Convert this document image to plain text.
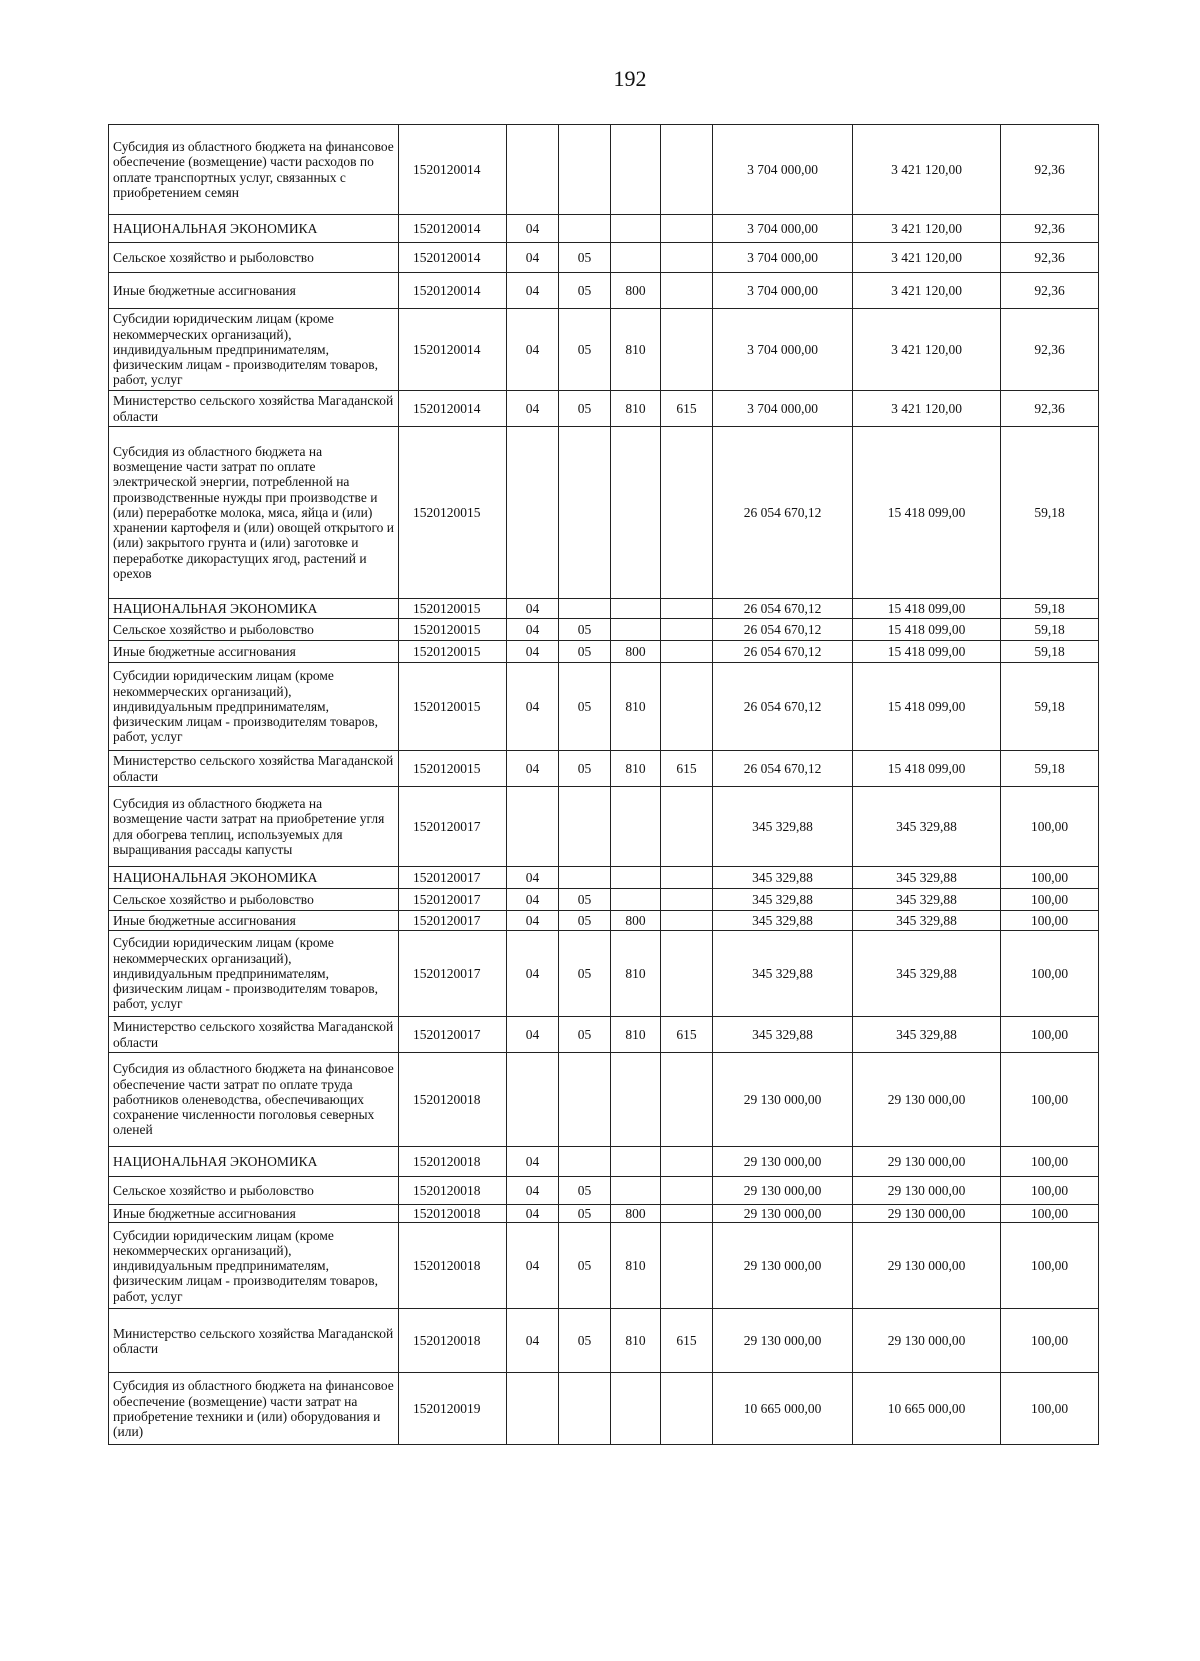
192
Субсидия из областного бюджета на финансовое обеспечение (возмещение) части расходов по оплате транспортных услуг, связанных с приобретением семян	1520120014					3 704 000,00	3 421 120,00	92,36
НАЦИОНАЛЬНАЯ ЭКОНОМИКА	1520120014	04				3 704 000,00	3 421 120,00	92,36
Сельское хозяйство и рыболовство	1520120014	04	05			3 704 000,00	3 421 120,00	92,36
Иные бюджетные ассигнования	1520120014	04	05	800		3 704 000,00	3 421 120,00	92,36
Субсидии юридическим лицам (кроме некоммерческих организаций), индивидуальным предпринимателям, физическим лицам - производителям товаров, работ, услуг	1520120014	04	05	810		3 704 000,00	3 421 120,00	92,36
Министерство сельского хозяйства Магаданской области	1520120014	04	05	810	615	3 704 000,00	3 421 120,00	92,36
Субсидия из областного бюджета на возмещение части затрат по оплате электрической энергии, потребленной на производственные нужды при производстве и (или) переработке молока, мяса, яйца и (или) хранении картофеля и (или) овощей открытого и (или) закрытого грунта и (или) заготовке и переработке дикорастущих ягод, растений и орехов	1520120015					26 054 670,12	15 418 099,00	59,18
НАЦИОНАЛЬНАЯ ЭКОНОМИКА	1520120015	04				26 054 670,12	15 418 099,00	59,18
Сельское хозяйство и рыболовство	1520120015	04	05			26 054 670,12	15 418 099,00	59,18
Иные бюджетные ассигнования	1520120015	04	05	800		26 054 670,12	15 418 099,00	59,18
Субсидии юридическим лицам (кроме некоммерческих организаций), индивидуальным предпринимателям, физическим лицам - производителям товаров, работ, услуг	1520120015	04	05	810		26 054 670,12	15 418 099,00	59,18
Министерство сельского хозяйства Магаданской области	1520120015	04	05	810	615	26 054 670,12	15 418 099,00	59,18
Субсидия из областного бюджета на возмещение части затрат на приобретение угля для обогрева теплиц, используемых для выращивания рассады капусты	1520120017					345 329,88	345 329,88	100,00
НАЦИОНАЛЬНАЯ ЭКОНОМИКА	1520120017	04				345 329,88	345 329,88	100,00
Сельское хозяйство и рыболовство	1520120017	04	05			345 329,88	345 329,88	100,00
Иные бюджетные ассигнования	1520120017	04	05	800		345 329,88	345 329,88	100,00
Субсидии юридическим лицам (кроме некоммерческих организаций), индивидуальным предпринимателям, физическим лицам - производителям товаров, работ, услуг	1520120017	04	05	810		345 329,88	345 329,88	100,00
Министерство сельского хозяйства Магаданской области	1520120017	04	05	810	615	345 329,88	345 329,88	100,00
Субсидия из областного бюджета на финансовое обеспечение части затрат по оплате труда работников оленеводства, обеспечивающих сохранение численности поголовья северных оленей	1520120018					29 130 000,00	29 130 000,00	100,00
НАЦИОНАЛЬНАЯ ЭКОНОМИКА	1520120018	04				29 130 000,00	29 130 000,00	100,00
Сельское хозяйство и рыболовство	1520120018	04	05			29 130 000,00	29 130 000,00	100,00
Иные бюджетные ассигнования	1520120018	04	05	800		29 130 000,00	29 130 000,00	100,00
Субсидии юридическим лицам (кроме некоммерческих организаций), индивидуальным предпринимателям, физическим лицам - производителям товаров, работ, услуг	1520120018	04	05	810		29 130 000,00	29 130 000,00	100,00
Министерство сельского хозяйства Магаданской области	1520120018	04	05	810	615	29 130 000,00	29 130 000,00	100,00
Субсидия из областного бюджета на финансовое обеспечение (возмещение) части затрат на приобретение техники и (или) оборудования и (или)	1520120019					10 665 000,00	10 665 000,00	100,00
